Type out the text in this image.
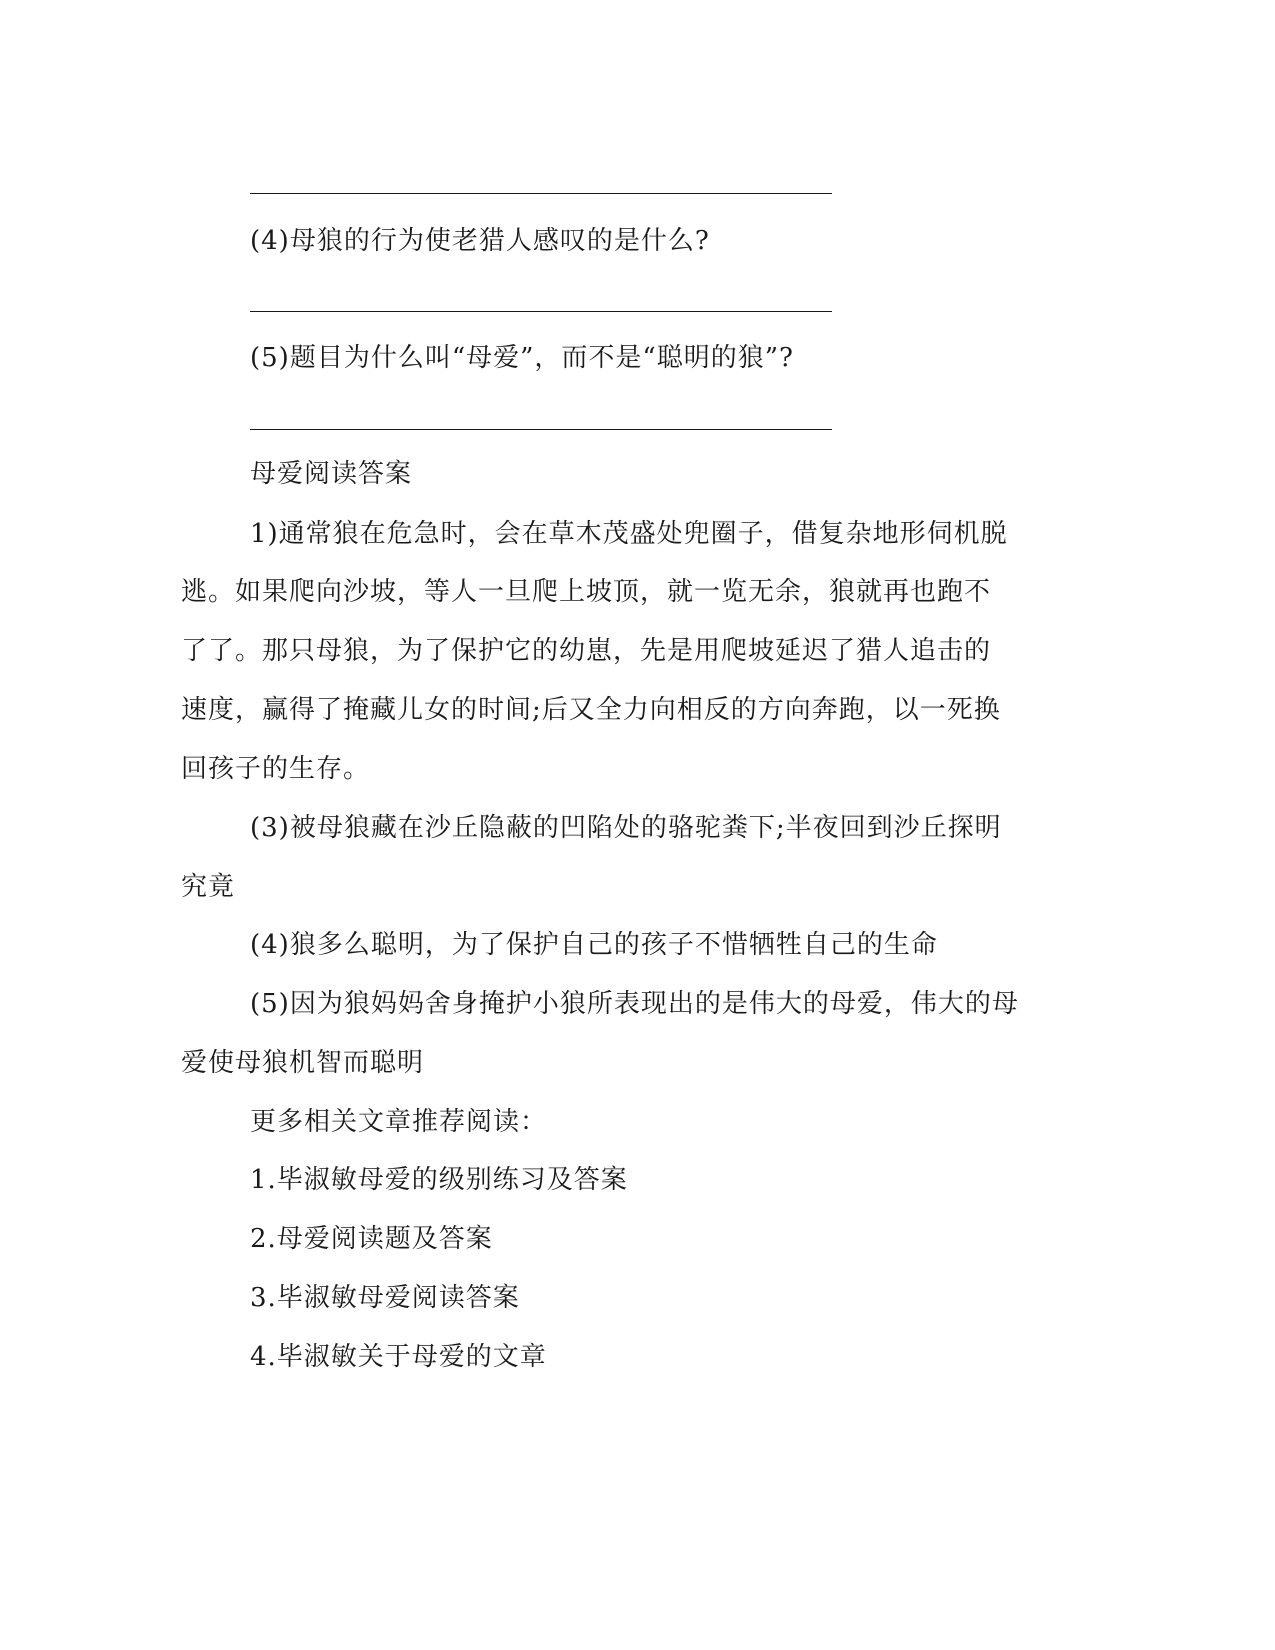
(4)母狼的行为使老猎人感叹的是什么?
(5)题目为什么叫“母爱”，而不是“聪明的狼”?
母爱阅读答案
1)通常狼在危急时，会在草木茂盛处兜圈子，借复杂地形伺机脱
逃。如果爬向沙坡，等人一旦爬上坡顶，就一览无余，狼就再也跑不
了了。那只母狼，为了保护它的幼崽，先是用爬坡延迟了猎人追击的
速度，赢得了掩藏儿女的时间;后又全力向相反的方向奔跑，以一死换
回孩子的生存。
(3)被母狼藏在沙丘隐蔽的凹陷处的骆驼粪下;半夜回到沙丘探明
究竟
(4)狼多么聪明，为了保护自己的孩子不惜牺牲自己的生命
(5)因为狼妈妈舍身掩护小狼所表现出的是伟大的母爱，伟大的母
爱使母狼机智而聪明
更多相关文章推荐阅读：
1.毕淑敏母爱的级别练习及答案
2.母爱阅读题及答案
3.毕淑敏母爱阅读答案
4.毕淑敏关于母爱的文章
